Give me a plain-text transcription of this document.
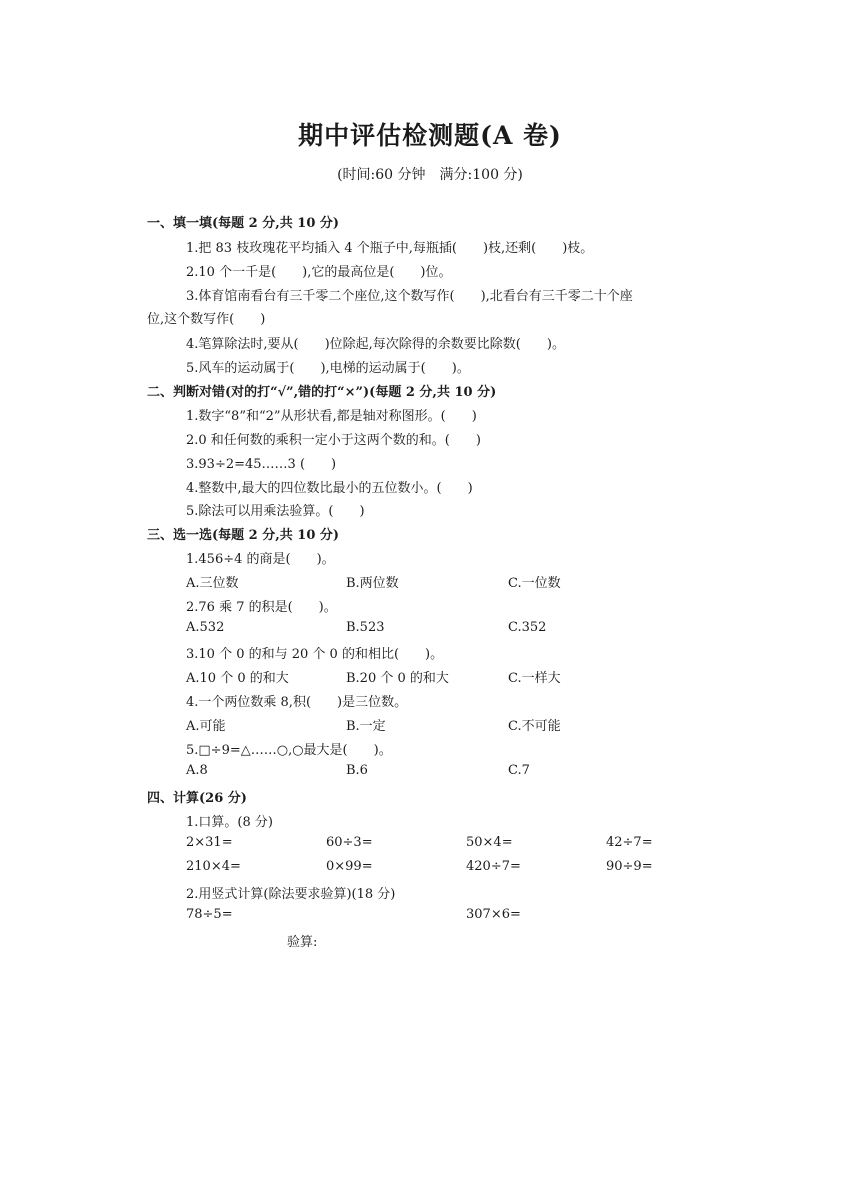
期中评估检测题(A 卷)
(时间:60 分钟　满分:100 分)
一、填一填(每题 2 分,共 10 分)
1.把 83 枝玫瑰花平均插入 4 个瓶子中,每瓶插(　　)枝,还剩(　　)枝。
2.10 个一千是(　　),它的最高位是(　　)位。
3.体育馆南看台有三千零二个座位,这个数写作(　　),北看台有三千零二十个座
位,这个数写作(　　)
4.笔算除法时,要从(　　)位除起,每次除得的余数要比除数(　　)。
5.风车的运动属于(　　),电梯的运动属于(　　)。
二、判断对错(对的打“√”,错的打“×”)(每题 2 分,共 10 分)
1.数字“8”和“2”从形状看,都是轴对称图形。(　　)
2.0 和任何数的乘积一定小于这两个数的和。(　　)
3.93÷2=45……3 (　　)
4.整数中,最大的四位数比最小的五位数小。(　　)
5.除法可以用乘法验算。(　　)
三、选一选(每题 2 分,共 10 分)
1.456÷4 的商是(　　)。
A.三位数	B.两位数	C.一位数
2.76 乘 7 的积是(　　)。
A.532	B.523	C.352
3.10 个 0 的和与 20 个 0 的和相比(　　)。
A.10 个 0 的和大	B.20 个 0 的和大	C.一样大
4.一个两位数乘 8,积(　　)是三位数。
A.可能	B.一定	C.不可能
5.□÷9=△……○,○最大是(　　)。
A.8	B.6	C.7
四、计算(26 分)
1.口算。(8 分)
2×31=	60÷3=	50×4=	42÷7=
210×4=	0×99=	420÷7=	90÷9=
2.用竖式计算(除法要求验算)(18 分)
78÷5=	307×6=
验算:
